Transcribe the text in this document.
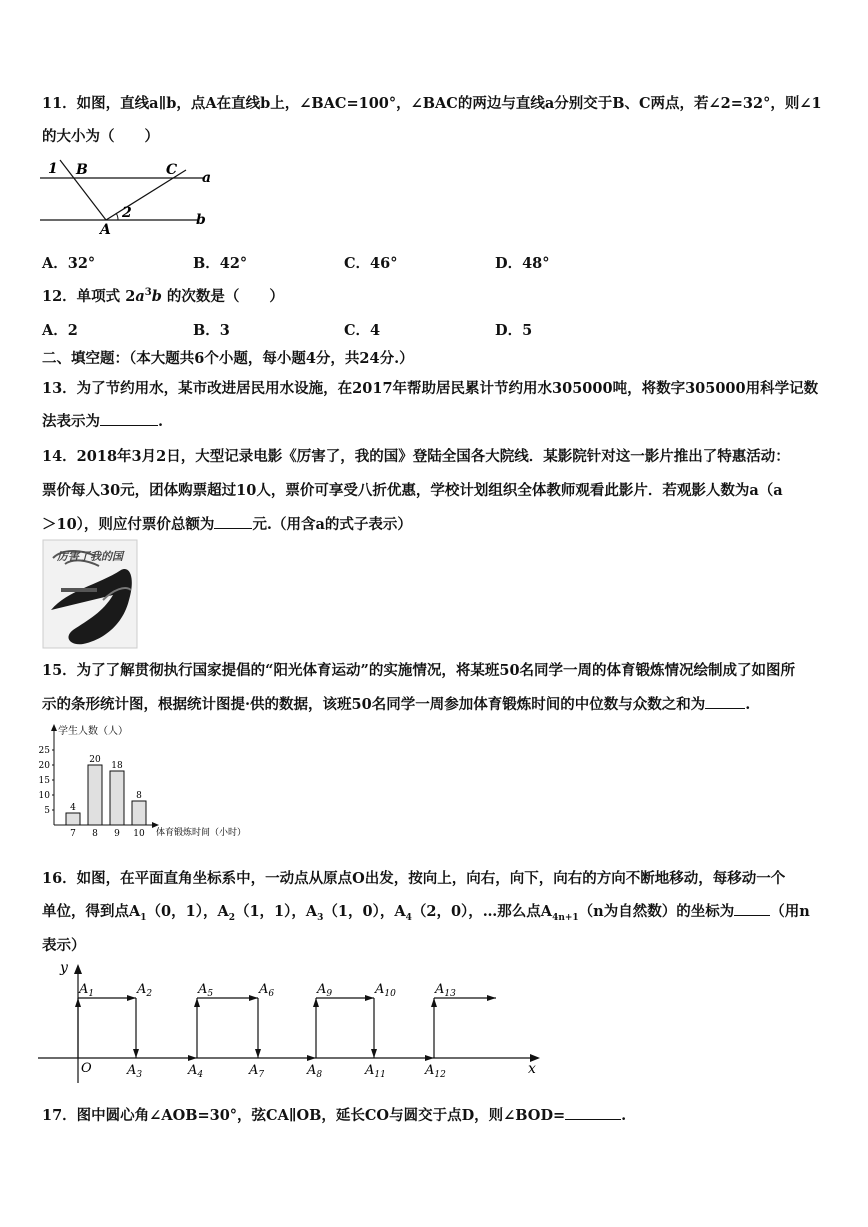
11．如图，直线a∥b，点A在直线b上，∠BAC=100°，∠BAC的两边与直线a分别交于B、C两点，若∠2=32°，则∠1
的大小为（ ）
1 B	C a
2
A
b
A．32°	B．42°	C．46°	D．48°
12．单项式 $2a^3b$ 的次数是（ ）
A．2	B．3	C．4	D．5
二、填空题：（本大题共6个小题，每小题4分，共24分.）
13．为了节约用水，某市改进居民用水设施，在2017年帮助居民累计节约用水305000吨，将数字305000用科学记数
法表示为	.
14．2018年3月2日，大型记录电影《厉害了，我的国》登陆全国各大院线．某影院针对这一影片推出了特惠活动：
票价每人30元，团体购票超过10人，票价可享受八折优惠，学校计划组织全体教师观看此影片．若观影人数为a（a
＞10），则应付票价总额为	元.（用含a的式子表示）
厉害了我的国
15．为了了解贯彻执行国家提倡的“阳光体育运动”的实施情况，将某班50名同学一周的体育锻炼情况绘制成了如图所
示的条形统计图，根据统计图提·供的数据，该班50名同学一周参加体育锻炼时间的中位数与众数之和为	.
学生人数（人）
体育锻炼时间（小时）
5
10
15
20
25
4
7
20
8
18
9
8
10
16．如图，在平面直角坐标系中，一动点从原点O出发，按向上，向右，向下，向右的方向不断地移动，每移动一个
单位，得到点$A_1(0$，1），$A_2(1$，1），$A_3(1$，0），$A_4(2$，0），…那么点$A_{4n+1}(n$为自然数）的坐标为 （用n
表示）
y
x
O
$A_1$	$A_2$	$A_5$	$A_6$	$A_9$	$A_{10}$	$A_{13}$
$A_3$	$A_4$	$A_7$	$A_8$	$A_{11}$	$A_{12}$
17．图中圆心角∠AOB=30°，弦CA∥OB，延长CO与圆交于点D，则∠BOD=	.
